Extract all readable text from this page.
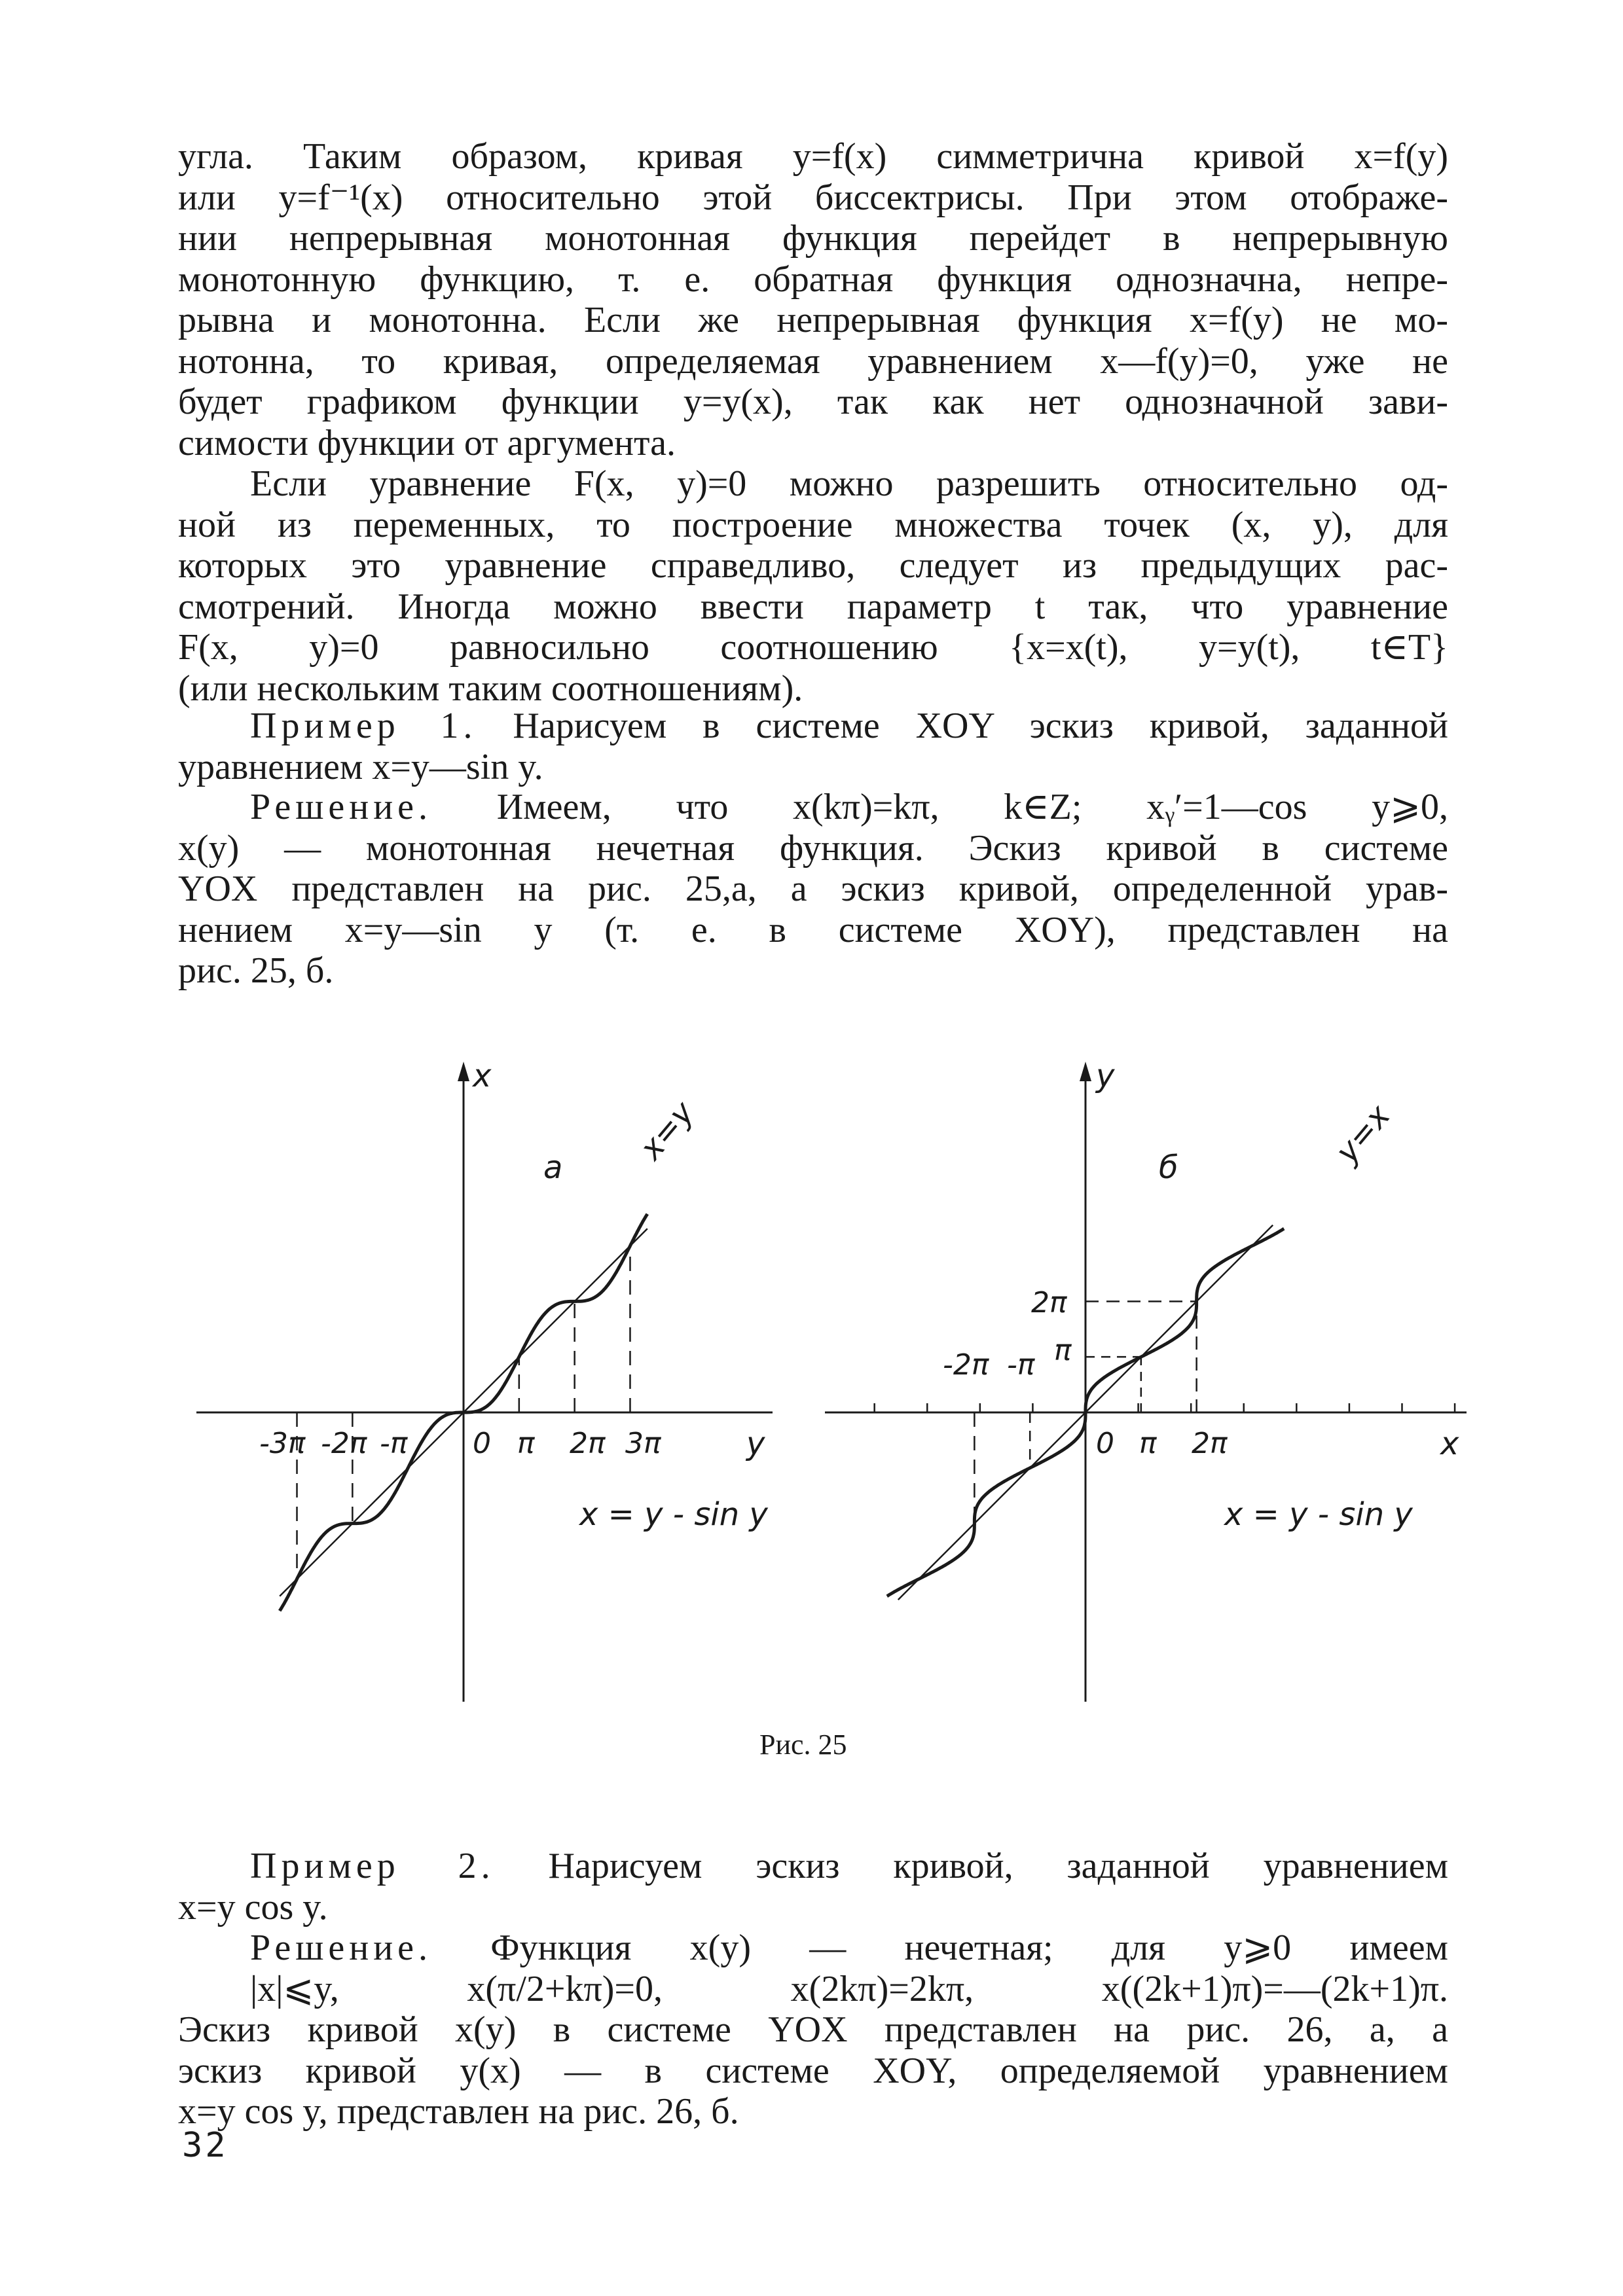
угла. Таким образом, кривая y=f(x) симметрична кривой x=f(y)
или y=f⁻¹(x) относительно этой биссектрисы. При этом отображе-
нии непрерывная монотонная функция перейдет в непрерывную
монотонную функцию, т. е. обратная функция однозначна, непре-
рывна и монотонна. Если же непрерывная функция x=f(y) не мо-
нотонна, то кривая, определяемая уравнением x—f(y)=0, уже не
будет графиком функции y=y(x), так как нет однозначной зави-
симости функции от аргумента.
Если уравнение F(x, y)=0 можно разрешить относительно од-
ной из переменных, то построение множества точек (x, y), для
которых это уравнение справедливо, следует из предыдущих рас-
смотрений. Иногда можно ввести параметр t так, что уравнение
F(x, y)=0 равносильно соотношению {x=x(t), y=y(t), t∈T}
(или нескольким таким соотношениям).
Пример 1. Нарисуем в системе XOY эскиз кривой, заданной
уравнением x=y—sin y.
Решение. Имеем, что x(kπ)=kπ, k∈Z; xᵧ′=1—cos y⩾0,
x(y) — монотонная нечетная функция. Эскиз кривой в системе
YOX представлен на рис. 25,а, а эскиз кривой, определенной урав-
нением x=y—sin y (т. е. в системе XOY), представлен на
рис. 25, б.
x
y
а
x=y
x = y - sin y
-3π -2π -π 0 π 2π 3π
y
x
б	y=x
x = y - sin y
0 π 2π
2π
π
-2π -π
Рис. 25
Пример 2. Нарисуем эскиз кривой, заданной уравнением
x=y cos y.
Решение. Функция x(y) — нечетная; для y⩾0 имеем
|x|⩽y, x(π/2+kπ)=0, x(2kπ)=2kπ, x((2k+1)π)=—(2k+1)π.
Эскиз кривой x(y) в системе YOX представлен на рис. 26, а, а
эскиз кривой y(x) — в системе XOY, определяемой уравнением
x=y cos y, представлен на рис. 26, б.
32
